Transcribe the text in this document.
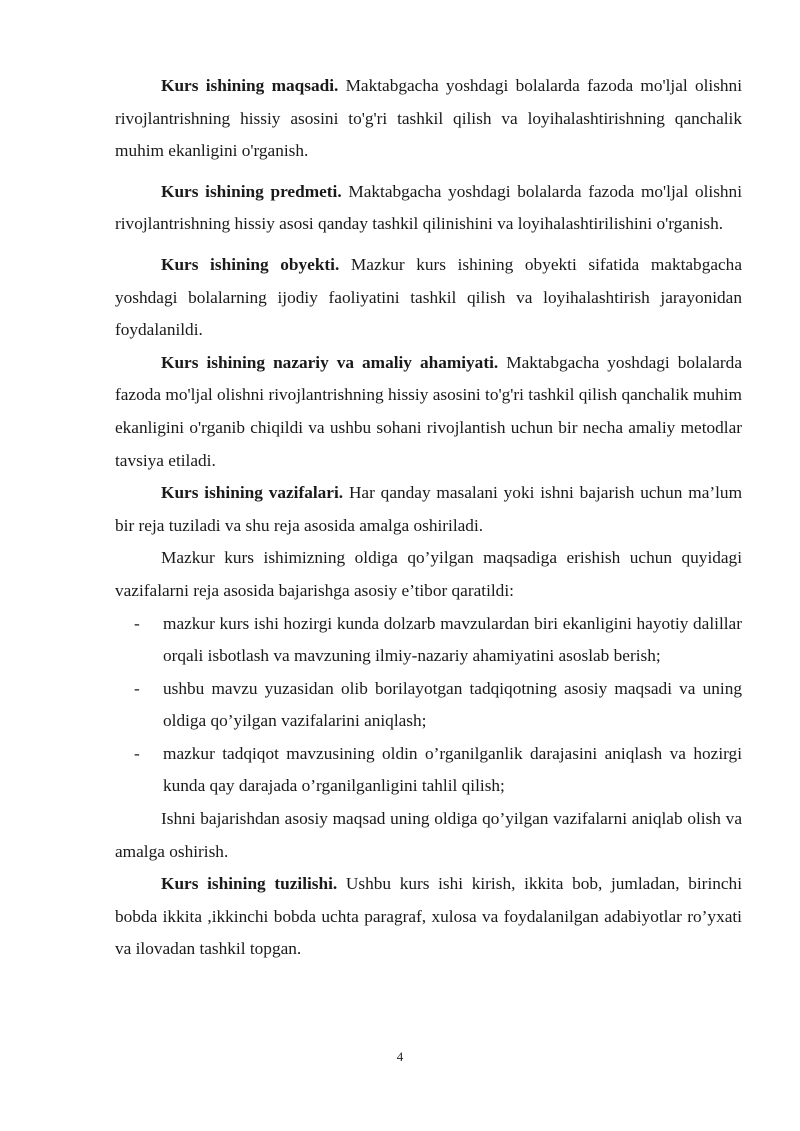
Kurs ishining maqsadi. Maktabgacha yoshdagi bolalarda fazoda mo'ljal olishni rivojlantrishning hissiy asosini to'g'ri tashkil qilish va loyihalashtirishning qanchalik muhim ekanligini o'rganish.

Kurs ishining predmeti. Maktabgacha yoshdagi bolalarda fazoda mo'ljal olishni rivojlantrishning hissiy asosi qanday tashkil qilinishini va loyihalashtirilishini o'rganish.

Kurs ishining obyekti. Mazkur kurs ishining obyekti sifatida maktabgacha yoshdagi bolalarning ijodiy faoliyatini tashkil qilish va loyihalashtirish jarayonidan foydalanildi.

Kurs ishining nazariy va amaliy ahamiyati. Maktabgacha yoshdagi bolalarda fazoda mo'ljal olishni rivojlantrishning hissiy asosini to'g'ri tashkil qilish qanchalik muhim ekanligini o'rganib chiqildi va ushbu sohani rivojlantish uchun bir necha amaliy metodlar tavsiya etiladi.

Kurs ishining vazifalari. Har qanday masalani yoki ishni bajarish uchun ma’lum bir reja tuziladi va shu reja asosida amalga oshiriladi.

Mazkur kurs ishimizning oldiga qo’yilgan maqsadiga erishish uchun quyidagi vazifalarni reja asosida bajarishga asosiy e’tibor qaratildi:

- mazkur kurs ishi hozirgi kunda dolzarb mavzulardan biri ekanligini hayotiy dalillar orqali isbotlash va mavzuning ilmiy-nazariy ahamiyatini asoslab berish;
- ushbu mavzu yuzasidan olib borilayotgan tadqiqotning asosiy maqsadi va uning oldiga qo’yilgan vazifalarini aniqlash;
- mazkur tadqiqot mavzusining oldin o’rganilganlik darajasini aniqlash va hozirgi kunda qay darajada o’rganilganligini tahlil qilish;

Ishni bajarishdan asosiy maqsad uning oldiga qo’yilgan vazifalarni aniqlab olish va amalga oshirish.

Kurs ishining tuzilishi. Ushbu kurs ishi kirish, ikkita bob, jumladan, birinchi bobda ikkita ,ikkinchi bobda uchta paragraf, xulosa va foydalanilgan adabiyotlar ro’yxati va ilovadan tashkil topgan.

4
